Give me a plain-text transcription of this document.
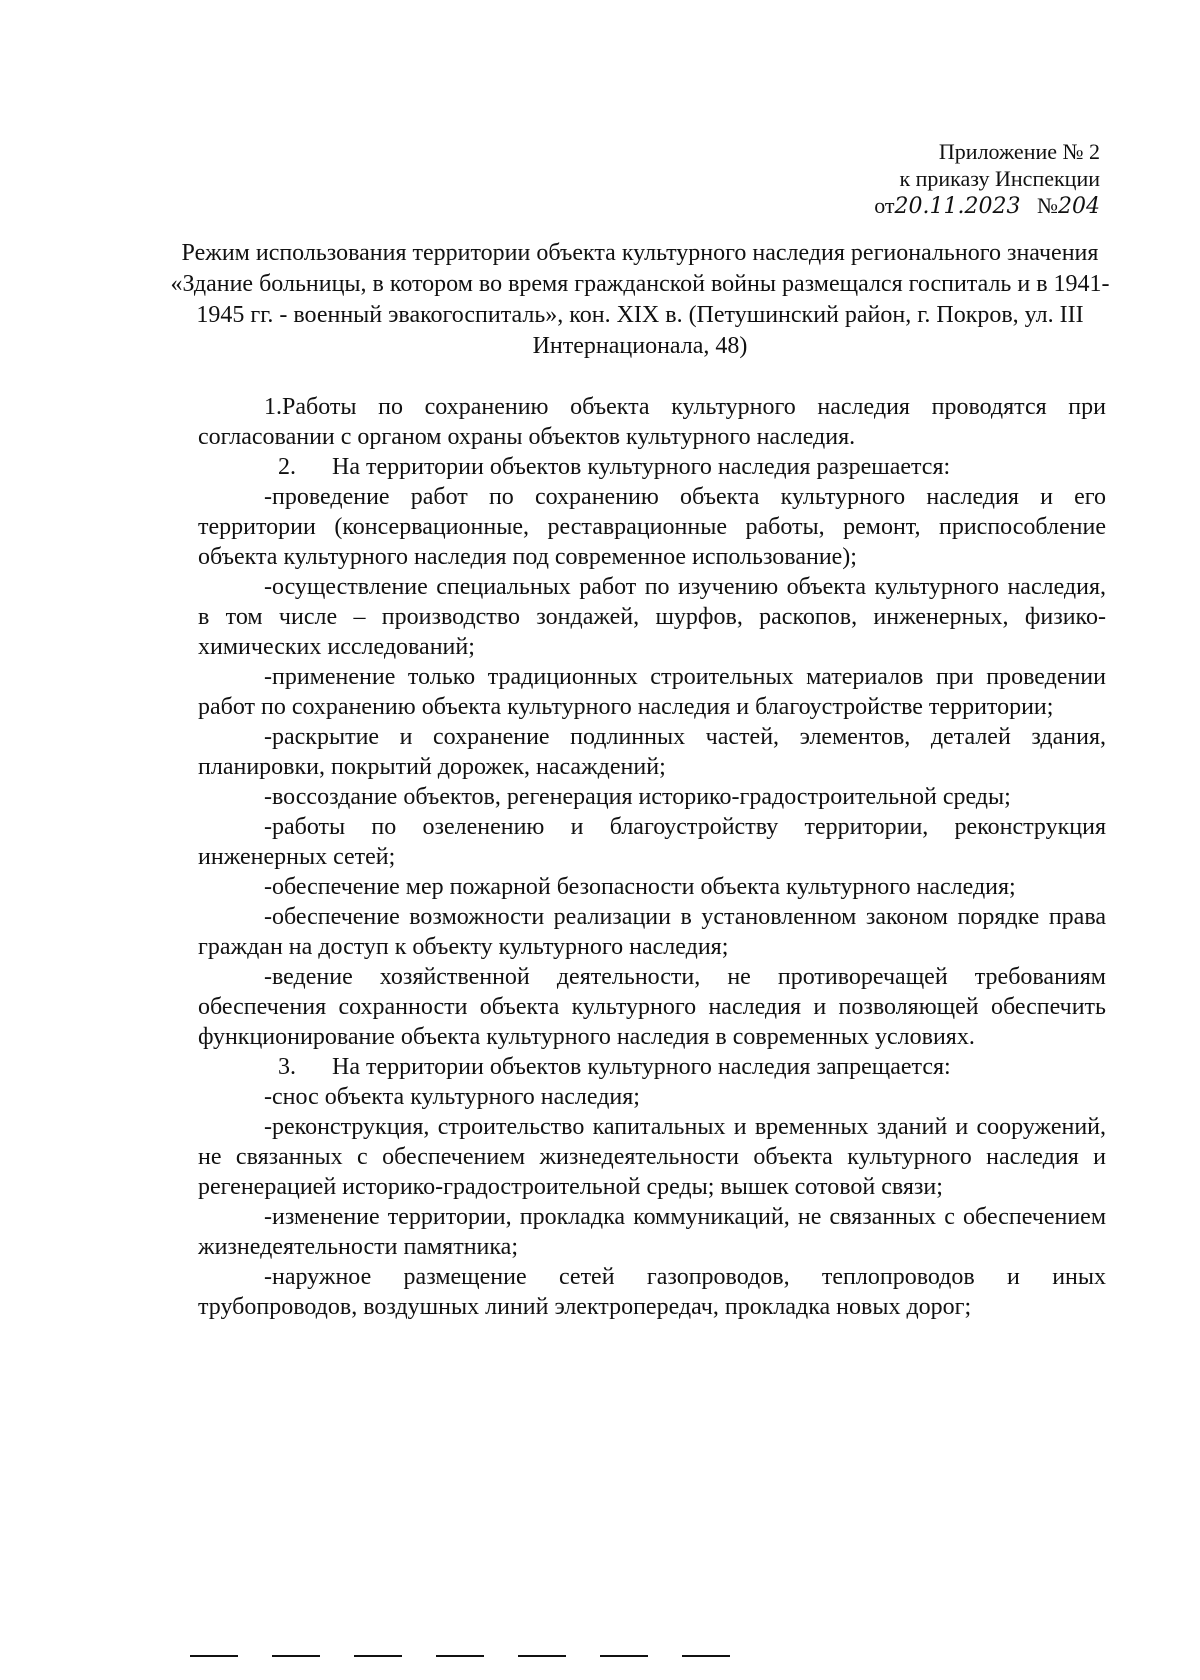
Приложение № 2
к приказу Инспекции
от20.11.2023 №204
Режим использования территории объекта культурного наследия регионального значения «Здание больницы, в котором во время гражданской войны размещался госпиталь и в 1941-1945 гг. - военный эвакогоспиталь», кон. XIX в. (Петушинский район, г. Покров, ул. III Интернационала, 48)

1.Работы по сохранению объекта культурного наследия проводятся при согласовании с органом охраны объектов культурного наследия.

2.  На территории объектов культурного наследия разрешается:

-проведение работ по сохранению объекта культурного наследия и его территории (консервационные, реставрационные работы, ремонт, приспособление объекта культурного наследия под современное использование);

-осуществление специальных работ по изучению объекта культурного наследия, в том числе – производство зондажей, шурфов, раскопов, инженерных, физико-химических исследований;

-применение только традиционных строительных материалов при проведении работ по сохранению объекта культурного наследия и благоустройстве территории;

-раскрытие и сохранение подлинных частей, элементов, деталей здания, планировки, покрытий дорожек, насаждений;

-воссоздание объектов, регенерация историко-градостроительной среды;

-работы по озеленению и благоустройству территории, реконструкция инженерных сетей;

-обеспечение мер пожарной безопасности объекта культурного наследия;

-обеспечение возможности реализации в установленном законом порядке права граждан на доступ к объекту культурного наследия;

-ведение хозяйственной деятельности, не противоречащей требованиям обеспечения сохранности объекта культурного наследия и позволяющей обеспечить функционирование объекта культурного наследия в современных условиях.

3.  На территории объектов культурного наследия запрещается:

-снос объекта культурного наследия;

-реконструкция, строительство капитальных и временных зданий и сооружений, не связанных с обеспечением жизнедеятельности объекта культурного наследия и регенерацией историко-градостроительной среды; вышек сотовой связи;

-изменение территории, прокладка коммуникаций, не связанных с обеспечением жизнедеятельности памятника;

-наружное размещение сетей газопроводов, теплопроводов и иных трубопроводов, воздушных линий электропередач, прокладка новых дорог;
